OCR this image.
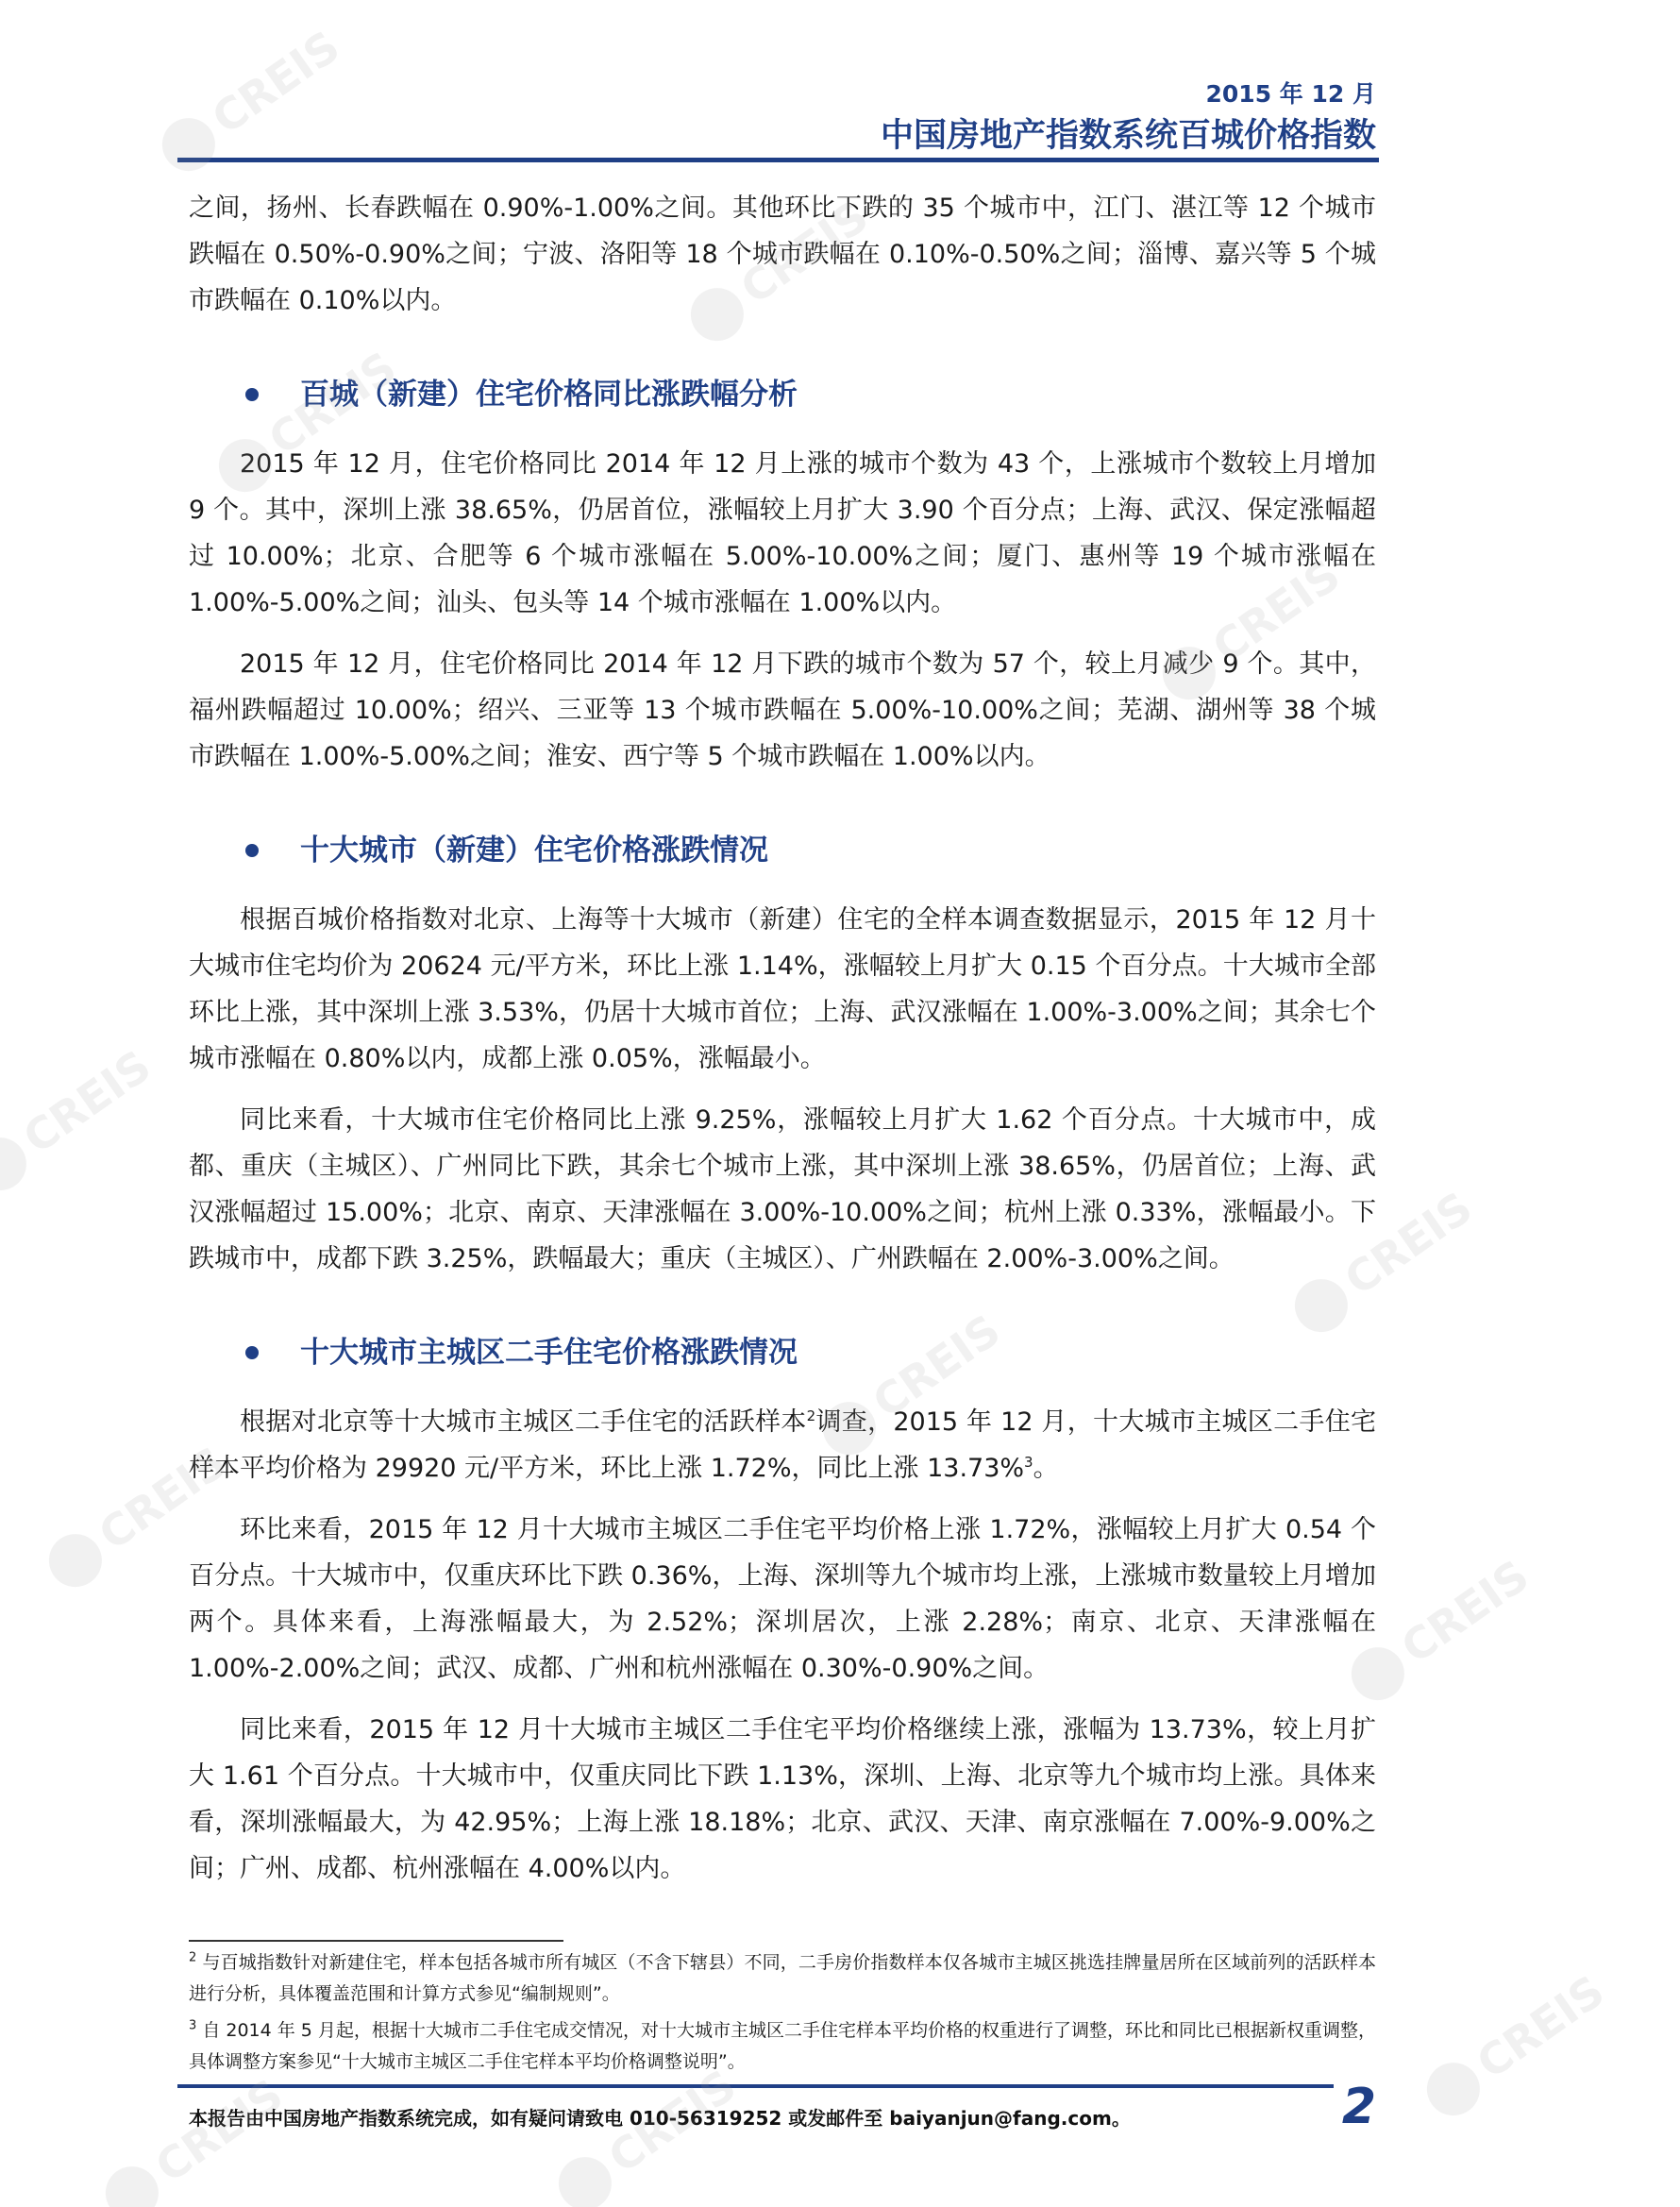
2015 年 12 月
中国房地产指数系统百城价格指数

之间，扬州、长春跌幅在 0.90%-1.00%之间。其他环比下跌的 35 个城市中，江门、湛江等 12 个城市跌幅在 0.50%-0.90%之间；宁波、洛阳等 18 个城市跌幅在 0.10%-0.50%之间；淄博、嘉兴等 5 个城市跌幅在 0.10%以内。

百城（新建）住宅价格同比涨跌幅分析

2015 年 12 月，住宅价格同比 2014 年 12 月上涨的城市个数为 43 个，上涨城市个数较上月增加 9 个。其中，深圳上涨 38.65%，仍居首位，涨幅较上月扩大 3.90 个百分点；上海、武汉、保定涨幅超过 10.00%；北京、合肥等 6 个城市涨幅在 5.00%-10.00%之间；厦门、惠州等 19 个城市涨幅在 1.00%-5.00%之间；汕头、包头等 14 个城市涨幅在 1.00%以内。

2015 年 12 月，住宅价格同比 2014 年 12 月下跌的城市个数为 57 个，较上月减少 9 个。其中，福州跌幅超过 10.00%；绍兴、三亚等 13 个城市跌幅在 5.00%-10.00%之间；芜湖、湖州等 38 个城市跌幅在 1.00%-5.00%之间；淮安、西宁等 5 个城市跌幅在 1.00%以内。

十大城市（新建）住宅价格涨跌情况

根据百城价格指数对北京、上海等十大城市（新建）住宅的全样本调查数据显示，2015 年 12 月十大城市住宅均价为 20624 元/平方米，环比上涨 1.14%，涨幅较上月扩大 0.15 个百分点。十大城市全部环比上涨，其中深圳上涨 3.53%，仍居十大城市首位；上海、武汉涨幅在 1.00%-3.00%之间；其余七个城市涨幅在 0.80%以内，成都上涨 0.05%，涨幅最小。

同比来看，十大城市住宅价格同比上涨 9.25%，涨幅较上月扩大 1.62 个百分点。十大城市中，成都、重庆（主城区）、广州同比下跌，其余七个城市上涨，其中深圳上涨 38.65%，仍居首位；上海、武汉涨幅超过 15.00%；北京、南京、天津涨幅在 3.00%-10.00%之间；杭州上涨 0.33%，涨幅最小。下跌城市中，成都下跌 3.25%，跌幅最大；重庆（主城区）、广州跌幅在 2.00%-3.00%之间。

十大城市主城区二手住宅价格涨跌情况

根据对北京等十大城市主城区二手住宅的活跃样本$^2$调查，2015 年 12 月，十大城市主城区二手住宅样本平均价格为 29920 元/平方米，环比上涨 1.72%，同比上涨 13.73%$^3$。

环比来看，2015 年 12 月十大城市主城区二手住宅平均价格上涨 1.72%，涨幅较上月扩大 0.54 个百分点。十大城市中，仅重庆环比下跌 0.36%，上海、深圳等九个城市均上涨，上涨城市数量较上月增加两个。具体来看，上海涨幅最大，为 2.52%；深圳居次，上涨 2.28%；南京、北京、天津涨幅在 1.00%-2.00%之间；武汉、成都、广州和杭州涨幅在 0.30%-0.90%之间。

同比来看，2015 年 12 月十大城市主城区二手住宅平均价格继续上涨，涨幅为 13.73%，较上月扩大 1.61 个百分点。十大城市中，仅重庆同比下跌 1.13%，深圳、上海、北京等九个城市均上涨。具体来看，深圳涨幅最大，为 42.95%；上海上涨 18.18%；北京、武汉、天津、南京涨幅在 7.00%-9.00%之间；广州、成都、杭州涨幅在 4.00%以内。

$^2$ 与百城指数针对新建住宅，样本包括各城市所有城区（不含下辖县）不同，二手房价指数样本仅各城市主城区挑选挂牌量居所在区域前列的活跃样本进行分析，具体覆盖范围和计算方式参见“编制规则”。

$^3$ 自 2014 年 5 月起，根据十大城市二手住宅成交情况，对十大城市主城区二手住宅样本平均价格的权重进行了调整，环比和同比已根据新权重调整，具体调整方案参见“十大城市主城区二手住宅样本平均价格调整说明”。

本报告由中国房地产指数系统完成，如有疑问请致电 010-56319252 或发邮件至 baiyanjun@fang.com。	2
CREIS
CREIS
CREIS
CREIS
CREIS
CREIS
CREIS
CREIS
CREIS
CREIS
CREIS
CREIS
